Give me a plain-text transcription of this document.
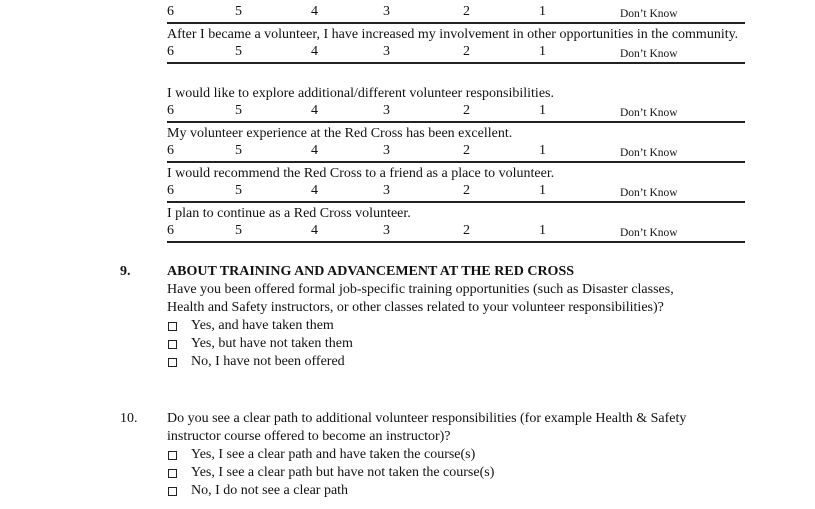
6	5	4	3	2	1	Don’t Know
After I became a volunteer, I have increased my involvement in other opportunities in the community.
6	5	4	3	2	1	Don’t Know
I would like to explore additional/different volunteer responsibilities.
6	5	4	3	2	1	Don’t Know
My volunteer experience at the Red Cross has been excellent.
6	5	4	3	2	1	Don’t Know
I would recommend the Red Cross to a friend as a place to volunteer.
6	5	4	3	2	1	Don’t Know
I plan to continue as a Red Cross volunteer.
6	5	4	3	2	1	Don’t Know
9.	ABOUT TRAINING AND ADVANCEMENT AT THE RED CROSS
Have you been offered formal job-specific training opportunities (such as Disaster classes, Health and Safety instructors, or other classes related to your volunteer responsibilities)?
Yes, and have taken them
Yes, but have not taken them
No, I have not been offered
10. Do you see a clear path to additional volunteer responsibilities (for example Health & Safety instructor course offered to become an instructor)?
Yes, I see a clear path and have taken the course(s)
Yes, I see a clear path but have not taken the course(s)
No, I do not see a clear path
